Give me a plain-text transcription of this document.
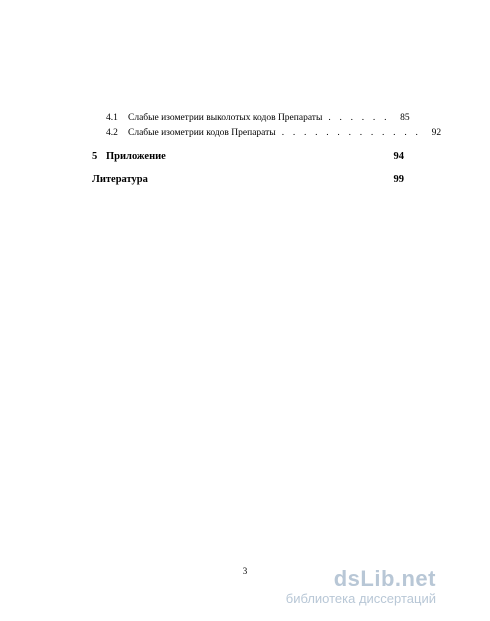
4.1	Слабые изометрии выколотых кодов Препараты . . . . . .	85
4.2	Слабые изометрии кодов Препараты . . . . . . . . . . . . .	92
5 Приложение	94
Литература	99
3	dsLib.net
библиотека диссертаций
